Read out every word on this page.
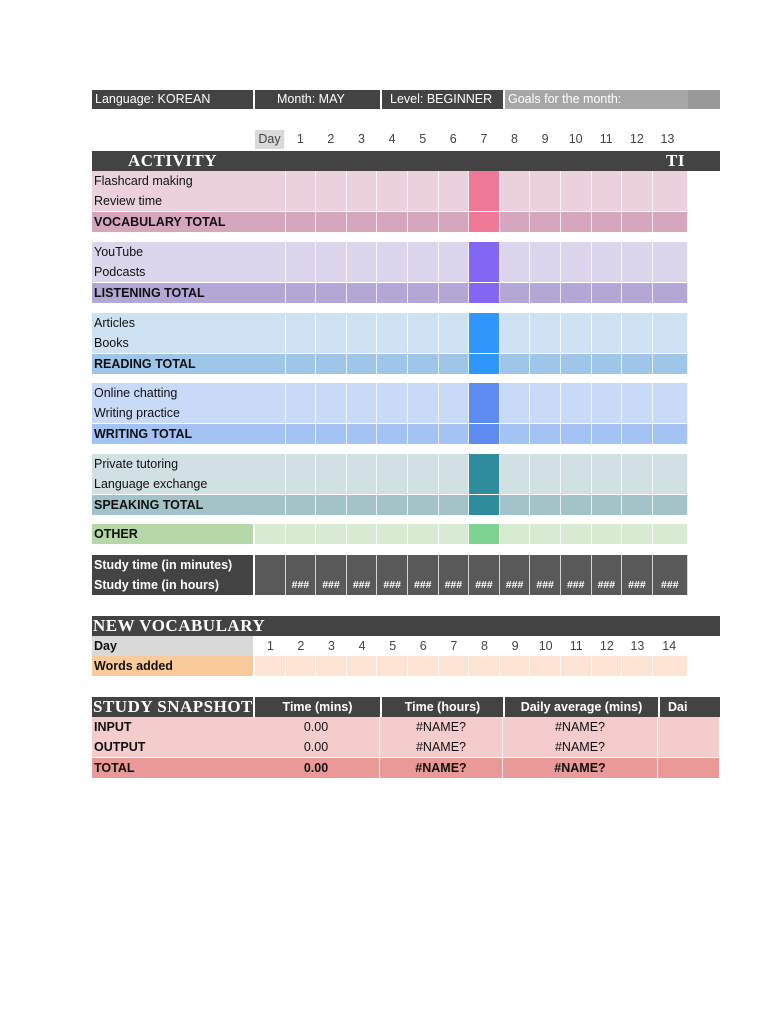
Language: KOREAN	Month: MAY	Level: BEGINNER	Goals for the month:
Day	1	2	3	4	5	6	7	8	9	10	11	12	13
ACTIVITY	TI
Flashcard making
Review time
VOCABULARY TOTAL
YouTube
Podcasts
LISTENING TOTAL
Articles
Books
READING TOTAL
Online chatting
Writing practice
WRITING TOTAL
Private tutoring
Language exchange
SPEAKING TOTAL
OTHER
Study time (in minutes)
Study time (in hours)	###	###	###	###	###	###	###	###	###	###	###	###	###
NEW VOCABULARY
Day	1	2	3	4	5	6	7	8	9	10	11	12	13	14
Words added
STUDY SNAPSHOT	Time (mins)	Time (hours)	Daily average (mins)	Dai
INPUT	0.00	#NAME?	#NAME?
OUTPUT	0.00	#NAME?	#NAME?
TOTAL	0.00	#NAME?	#NAME?
